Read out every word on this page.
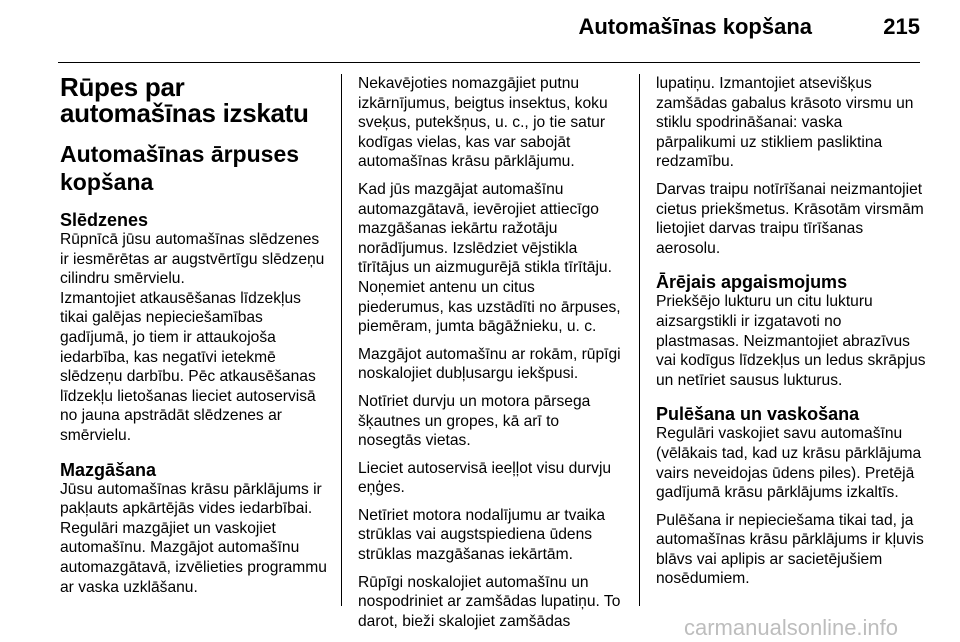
Automašīnas kopšana	215
Rūpes par automašīnas izskatu
Automašīnas ārpuses kopšana
Slēdzenes

Rūpnīcā jūsu automašīnas slēdzenes ir iesmērētas ar augstvērtīgu slēdzeņu cilindru smērvielu.

Izmantojiet atkausēšanas līdzekļus tikai galējas nepieciešamības gadījumā, jo tiem ir attaukojoša iedarbība, kas negatīvi ietekmē slēdzeņu darbību. Pēc atkausēšanas līdzekļu lietošanas lieciet autoservisā no jauna apstrādāt slēdzenes ar smērvielu.

Mazgāšana

Jūsu automašīnas krāsu pārklājums ir pakļauts apkārtējās vides iedarbībai. Regulāri mazgājiet un vaskojiet automašīnu. Mazgājot automašīnu automazgātavā, izvēlieties programmu ar vaska uzklāšanu.

Nekavējoties nomazgājiet putnu izkārnījumus, beigtus insektus, koku sveķus, putekšņus, u. c., jo tie satur kodīgas vielas, kas var sabojāt automašīnas krāsu pārklājumu.

Kad jūs mazgājat automašīnu automazgātavā, ievērojiet attiecīgo mazgāšanas iekārtu ražotāju norādījumus. Izslēdziet vējstikla tīrītājus un aizmugurējā stikla tīrītāju. Noņemiet antenu un citus piederumus, kas uzstādīti no ārpuses, piemēram, jumta bāgāžnieku, u. c.

Mazgājot automašīnu ar rokām, rūpīgi noskalojiet dubļusargu iekšpusi.

Notīriet durvju un motora pārsega šķautnes un gropes, kā arī to nosegtās vietas.

Lieciet autoservisā ieeļļot visu durvju eņģes.

Netīriet motora nodalījumu ar tvaika strūklas vai augstspiediena ūdens strūklas mazgāšanas iekārtām.

Rūpīgi noskalojiet automašīnu un nospodriniet ar zamšādas lupatiņu. To darot, bieži skalojiet zamšādas

lupatiņu. Izmantojiet atsevišķus zamšādas gabalus krāsoto virsmu un stiklu spodrināšanai: vaska pārpalikumi uz stikliem pasliktina redzamību.

Darvas traipu notīrīšanai neizmantojiet cietus priekšmetus. Krāsotām virsmām lietojiet darvas traipu tīrīšanas aerosolu.

Ārējais apgaismojums

Priekšējo lukturu un citu lukturu aizsargstikli ir izgatavoti no plastmasas. Neizmantojiet abrazīvus vai kodīgus līdzekļus un ledus skrāpjus un netīriet sausus lukturus.

Pulēšana un vaskošana

Regulāri vaskojiet savu automašīnu (vēlākais tad, kad uz krāsu pārklājuma vairs neveidojas ūdens piles). Pretējā gadījumā krāsu pārklājums izkaltīs.

Pulēšana ir nepieciešama tikai tad, ja automašīnas krāsu pārklājums ir kļuvis blāvs vai aplipis ar sacietējušiem nosēdumiem.

carmanualsonline.info
